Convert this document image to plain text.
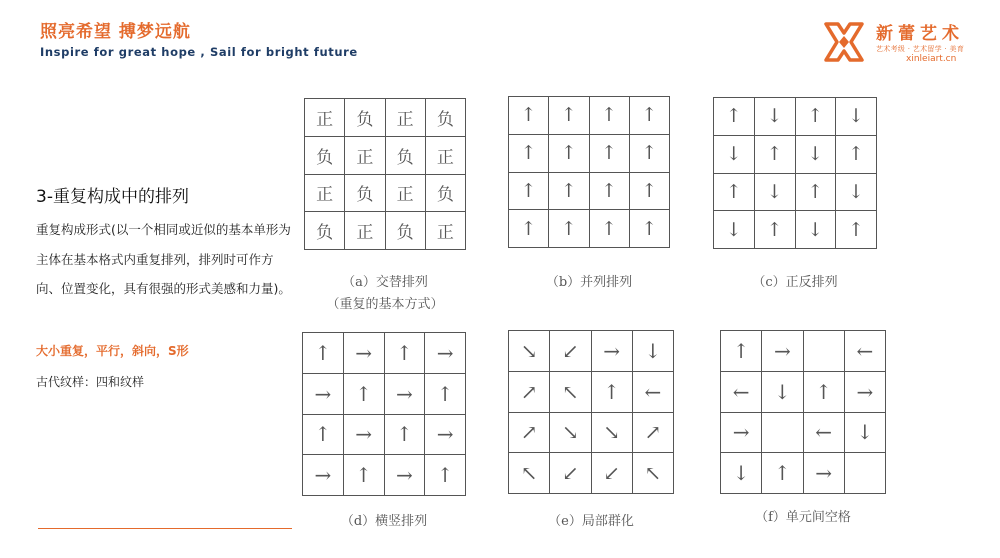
照亮希望 搏梦远航
Inspire for great hope , Sail for bright future
新蕾艺术
艺术考级 · 艺术留学 · 美育
xinleiart.cn
3-重复构成中的排列

重复构成形式(以一个相同或近似的基本单形为主体在基本格式内重复排列，排列时可作方向、位置变化，具有很强的形式美感和力量)。

大小重复，平行，斜向，S形
古代纹样：四和纹样
正	负	正	负
负	正	负	正
正	负	正	负
负	正	负	正
（a）交替排列
（重复的基本方式）
↑	↑	↑	↑
↑	↑	↑	↑
↑	↑	↑	↑
↑	↑	↑	↑
（b）并列排列
↑	↓	↑	↓
↓	↑	↓	↑
↑	↓	↑	↓
↓	↑	↓	↑
（c）正反排列
↑	→	↑	→
→	↑	→	↑
↑	→	↑	→
→	↑	→	↑
（d）横竖排列
↘	↙	→	↓
↗	↖	↑	←
↗	↘	↘	↗
↖	↙	↙	↖
（e）局部群化
↑	→		←
←	↓	↑	→
→		←	↓
↓	↑	→	
（f）单元间空格
